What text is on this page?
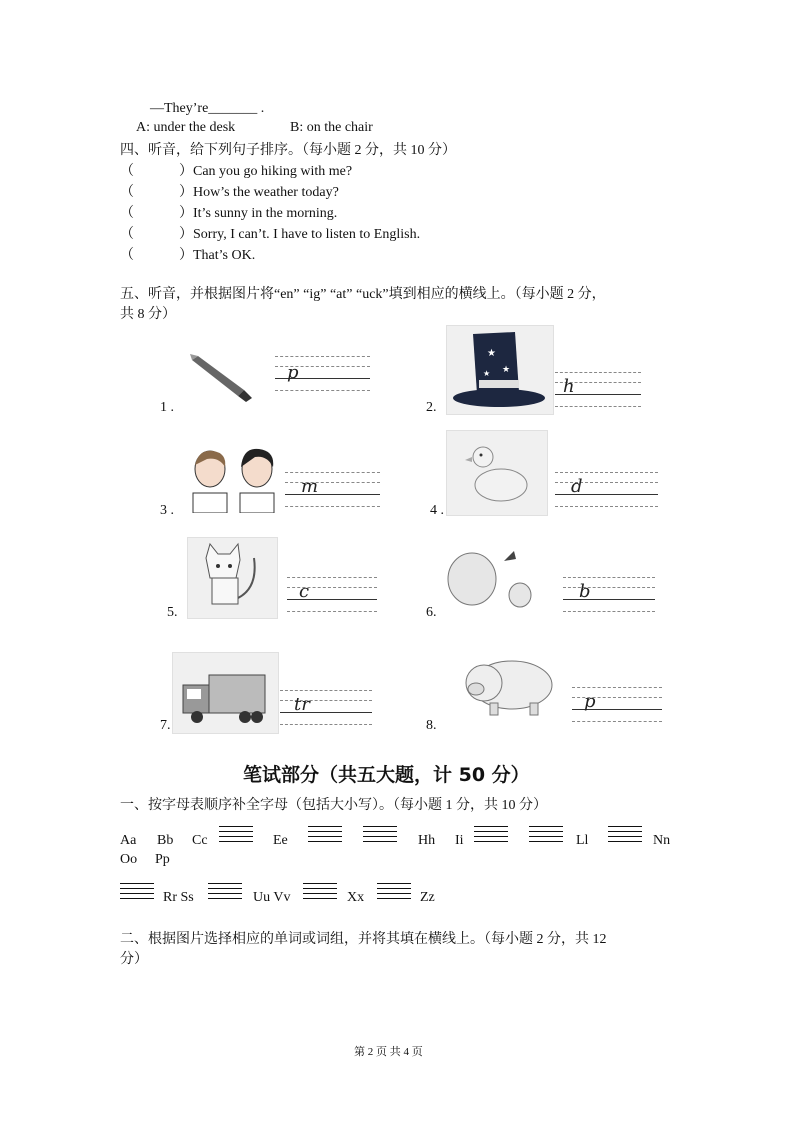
—They’re_______ .
A: under the desk	B: on the chair
四、听音，给下列句子排序。（每小题 2 分，共 10 分）
（	）Can you go hiking with me?
（	）How’s the weather today?
（	）It’s sunny in the morning.
（	）Sorry, I can’t. I have to listen to English.
（	）That’s OK.
五、听音，并根据图片将“en” “ig” “at” “uck”填到相应的横线上。（每小题 2 分，
共 8 分）
1 .
p
2.
★
★
★
h
3 .
m
4 .
d
5.
c
6.
b
7.
tr
8.
p
笔试部分（共五大题，计 50 分）
一、按字母表顺序补全字母（包括大小写）。（每小题 1 分，共 10 分）
Aa Bb Cc	Ee	Hh Ii	Ll	Nn
Oo Pp
Rr Ss	Uu Vv	Xx	Zz
二、根据图片选择相应的单词或词组，并将其填在横线上。（每小题 2 分，共 12
分）
第 2 页 共 4 页
